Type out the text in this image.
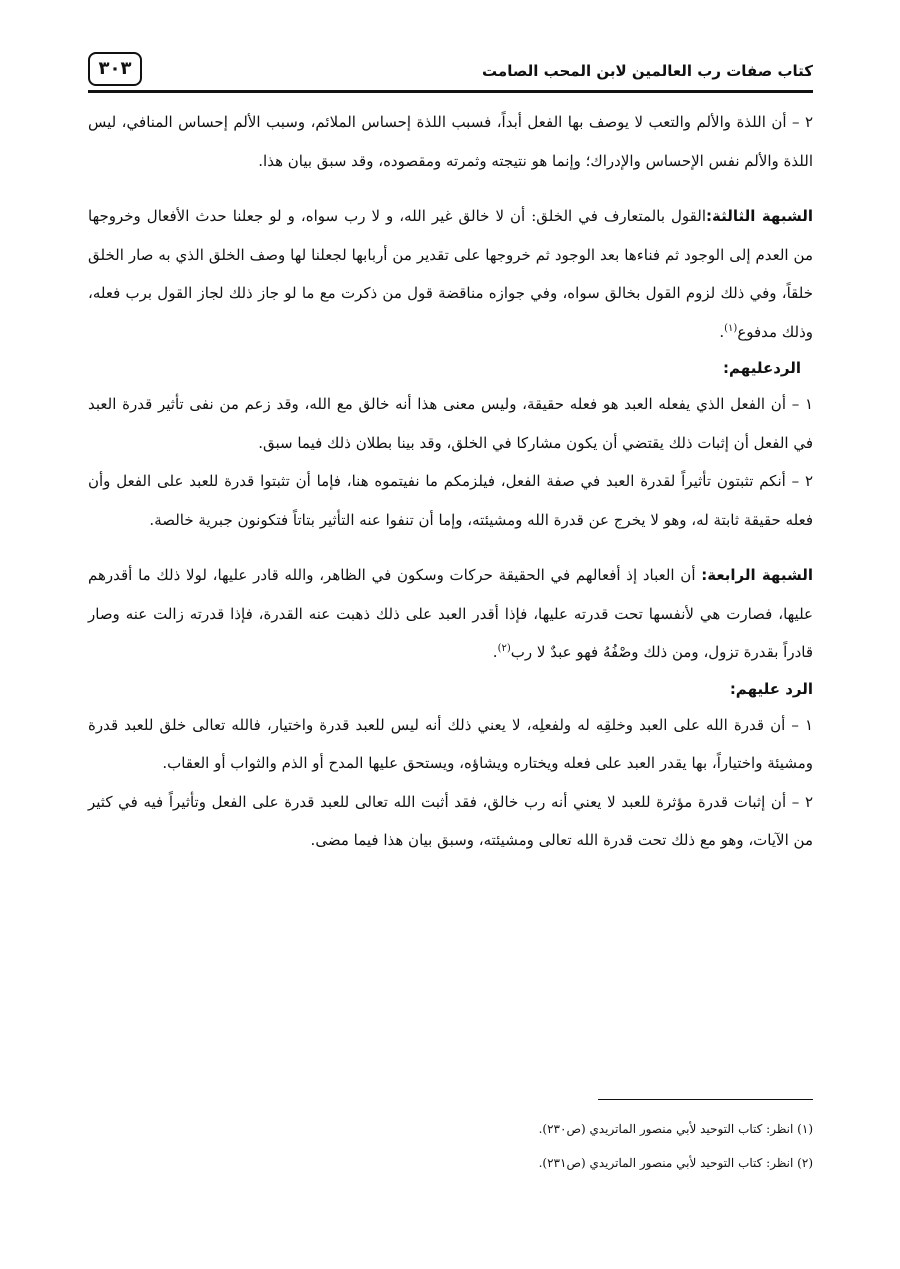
كتاب صفات رب العالمين لابن المحب الصامت
٣٠٣

٢ – أن اللذة والألم والتعب لا يوصف بها الفعل أبداً، فسبب اللذة إحساس الملائم، وسبب الألم إحساس المنافي، ليس اللذة والألم نفس الإحساس والإدراك؛ وإنما هو نتيجته وثمرته ومقصوده، وقد سبق بيان هذا.

الشبهة الثالثة:القول بالمتعارف في الخلق: أن لا خالق غير الله، و لا رب سواه، و لو جعلنا حدث الأفعال وخروجها من العدم إلى الوجود ثم فناءها بعد الوجود ثم خروجها على تقدير من أربابها لجعلنا لها وصف الخلق الذي به صار الخلق خلقاً، وفي ذلك لزوم القول بخالق سواه، وفي جوازه مناقضة قول من ذكرت مع ما لو جاز ذلك لجاز القول برب فعله، وذلك مدفوع$^{(١)}$.

الردعليهم:

١ – أن الفعل الذي يفعله العبد هو فعله حقيقة، وليس معنى هذا أنه خالق مع الله، وقد زعم من نفى تأثير قدرة العبد في الفعل أن إثبات ذلك يقتضي أن يكون مشاركا في الخلق، وقد بينا بطلان ذلك فيما سبق.

٢ – أنكم تثبتون تأثيراً لقدرة العبد في صفة الفعل، فيلزمكم ما نفيتموه هنا، فإما أن تثبتوا قدرة للعبد على الفعل وأن فعله حقيقة ثابتة له، وهو لا يخرج عن قدرة الله ومشيئته، وإما أن تنفوا عنه التأثير بتاتاً فتكونون جبرية خالصة.

الشبهة الرابعة: أن العباد إذ أفعالهم في الحقيقة حركات وسكون في الظاهر، والله قادر عليها، لولا ذلك ما أقدرهم عليها، فصارت هي لأنفسها تحت قدرته عليها، فإذا أقدر العبد على ذلك ذهبت عنه القدرة، فإذا قدرته زالت عنه وصار قادراً بقدرة تزول، ومن ذلك وصْفُهُ فهو عبدٌ لا رب$^{(٢)}$.

الرد عليهم:

١ – أن قدرة الله على العبد وخلقِه له ولفعلِه، لا يعني ذلك أنه ليس للعبد قدرة واختيار، فالله تعالى خلق للعبد قدرة ومشيئة واختياراً، بها يقدر العبد على فعله ويختاره ويشاؤه، ويستحق عليها المدح أو الذم والثواب أو العقاب.

٢ – أن إثبات قدرة مؤثرة للعبد لا يعني أنه رب خالق، فقد أثبت الله تعالى للعبد قدرة على الفعل وتأثيراً فيه في كثير من الآيات، وهو مع ذلك تحت قدرة الله تعالى ومشيئته، وسبق بيان هذا فيما مضى.

(١) انظر: كتاب التوحيد لأبي منصور الماتريدي (ص٢٣٠).

(٢) انظر: كتاب التوحيد لأبي منصور الماتريدي (ص٢٣١).
